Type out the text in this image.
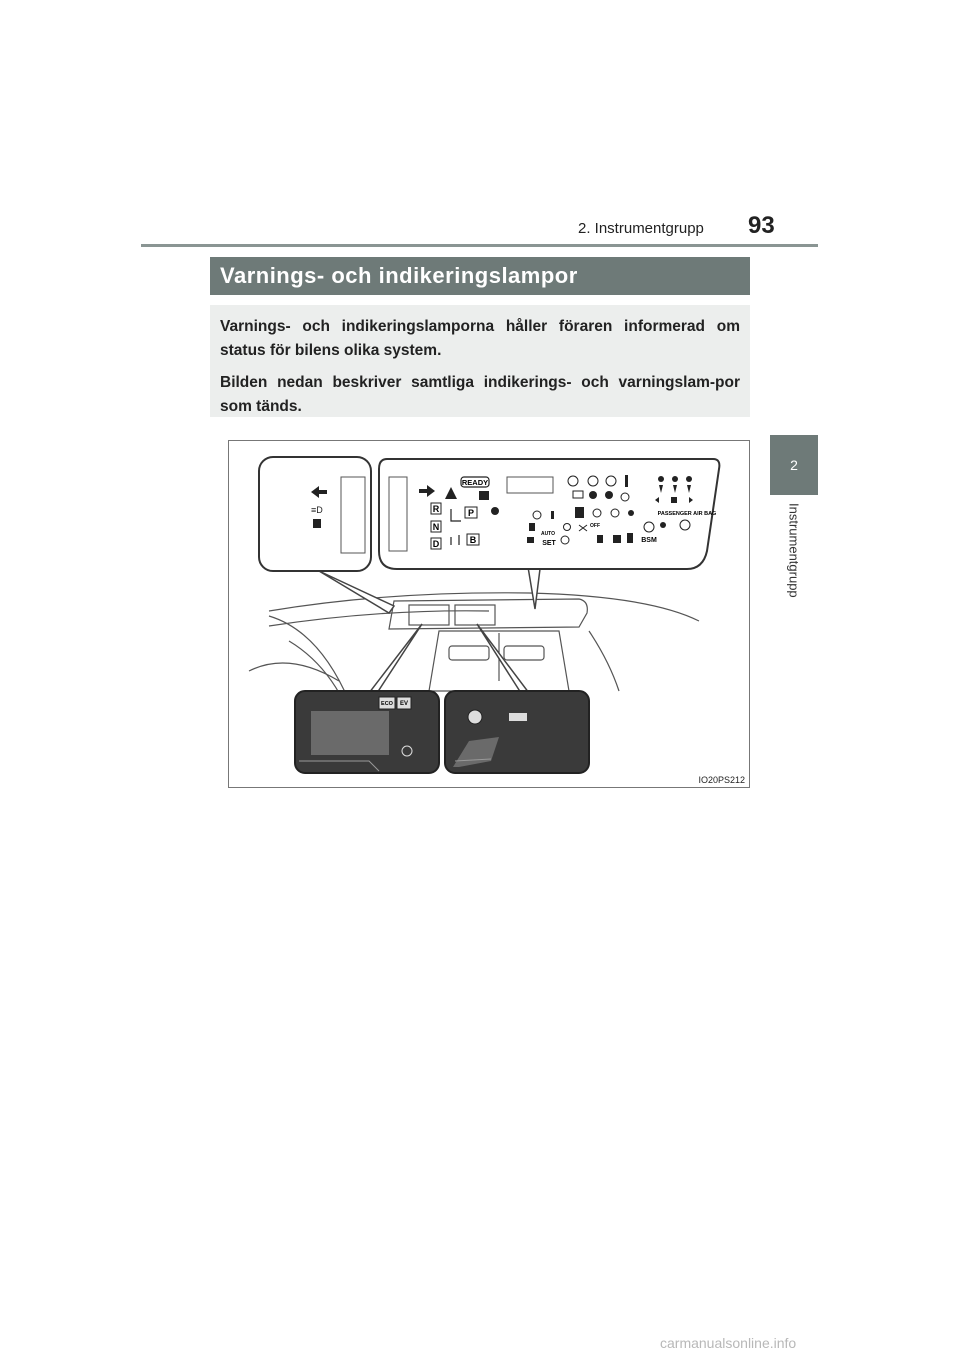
2. Instrumentgrupp 93
2
Instrumentgrupp
Varnings- och indikeringslampor

Varnings- och indikeringslamporna håller föraren informerad om status för bilens olika system.

Bilden nedan beskriver samtliga indikerings- och varningslam-por som tänds.

≡D
READY
R
N
D
P
B
PASSENGER AIR BAG
AUTO
OFF
SET	BSM
ECO EV
IO20PS212
carmanualsonline.info
